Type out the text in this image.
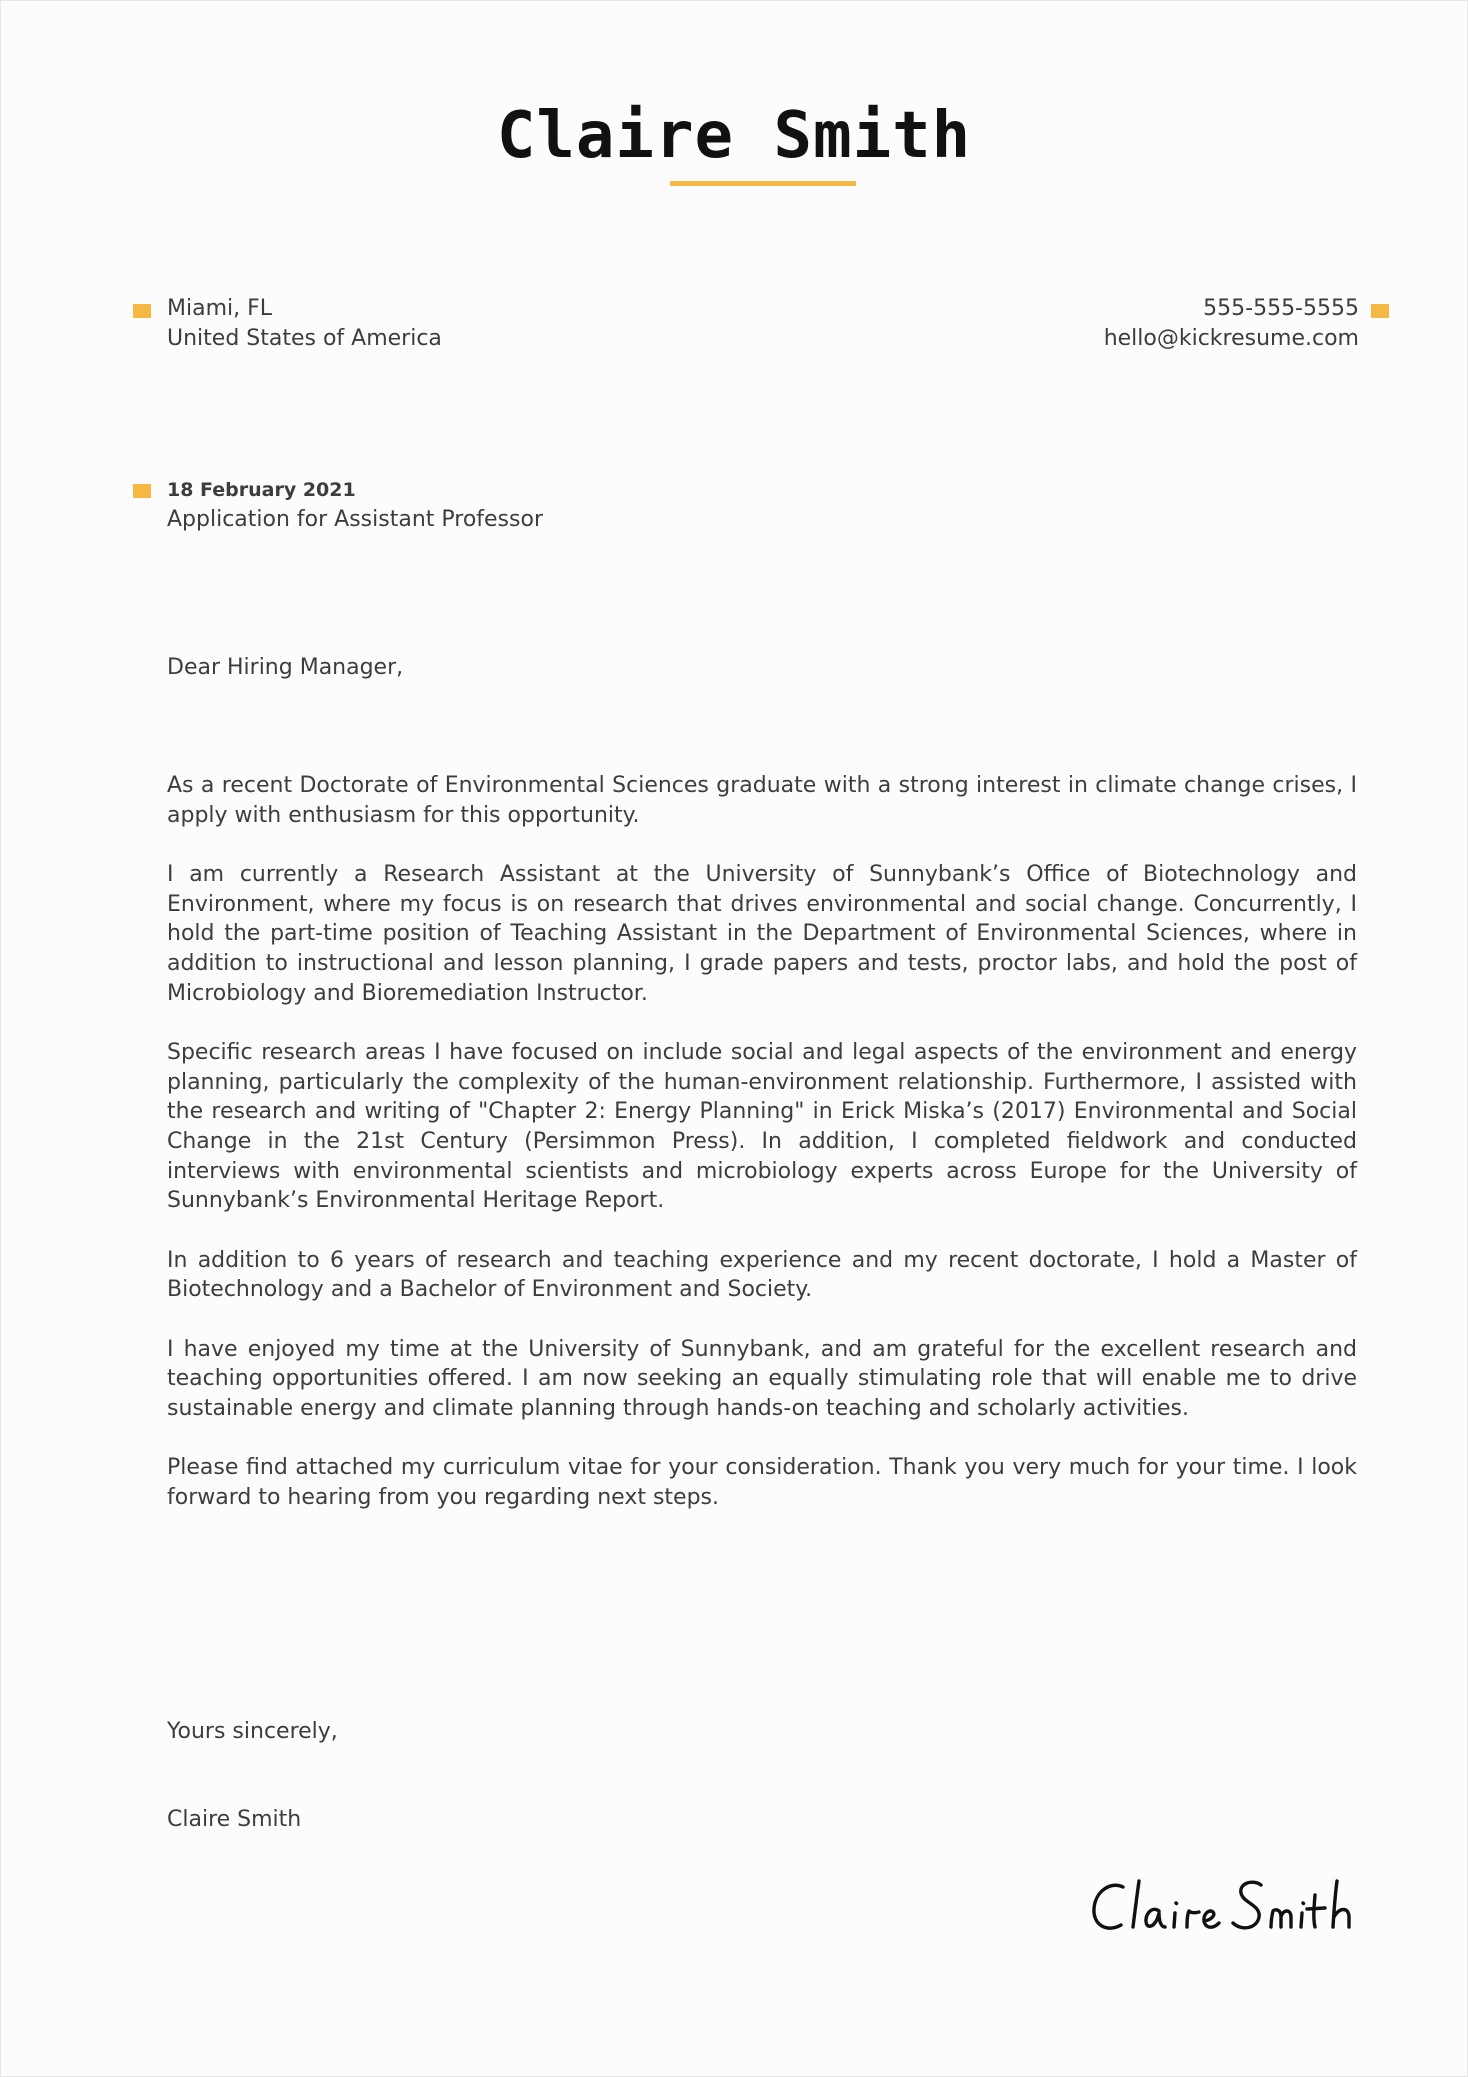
Claire Smith
Miami, FL
United States of America
555-555-5555
hello@kickresume.com
18 February 2021
Application for Assistant Professor
Dear Hiring Manager,

As a recent Doctorate of Environmental Sciences graduate with a strong interest in climate change crises, I apply with enthusiasm for this opportunity.

I am currently a Research Assistant at the University of Sunnybank’s Office of Biotechnology and Environment, where my focus is on research that drives environmental and social change. Concurrently, I hold the part-time position of Teaching Assistant in the Department of Environmental Sciences, where in addition to instructional and lesson planning, I grade papers and tests, proctor labs, and hold the post of Microbiology and Bioremediation Instructor.

Specific research areas I have focused on include social and legal aspects of the environment and energy planning, particularly the complexity of the human-environment relationship. Furthermore, I assisted with the research and writing of "Chapter 2: Energy Planning" in Erick Miska’s (2017) Environmental and Social Change in the 21st Century (Persimmon Press). In addition, I completed fieldwork and conducted interviews with environmental scientists and microbiology experts across Europe for the University of Sunnybank’s Environmental Heritage Report.

In addition to 6 years of research and teaching experience and my recent doctorate, I hold a Master of Biotechnology and a Bachelor of Environment and Society.

I have enjoyed my time at the University of Sunnybank, and am grateful for the excellent research and teaching opportunities offered. I am now seeking an equally stimulating role that will enable me to drive sustainable energy and climate planning through hands-on teaching and scholarly activities.

Please find attached my curriculum vitae for your consideration. Thank you very much for your time. I look forward to hearing from you regarding next steps.

Yours sincerely,
Claire Smith
